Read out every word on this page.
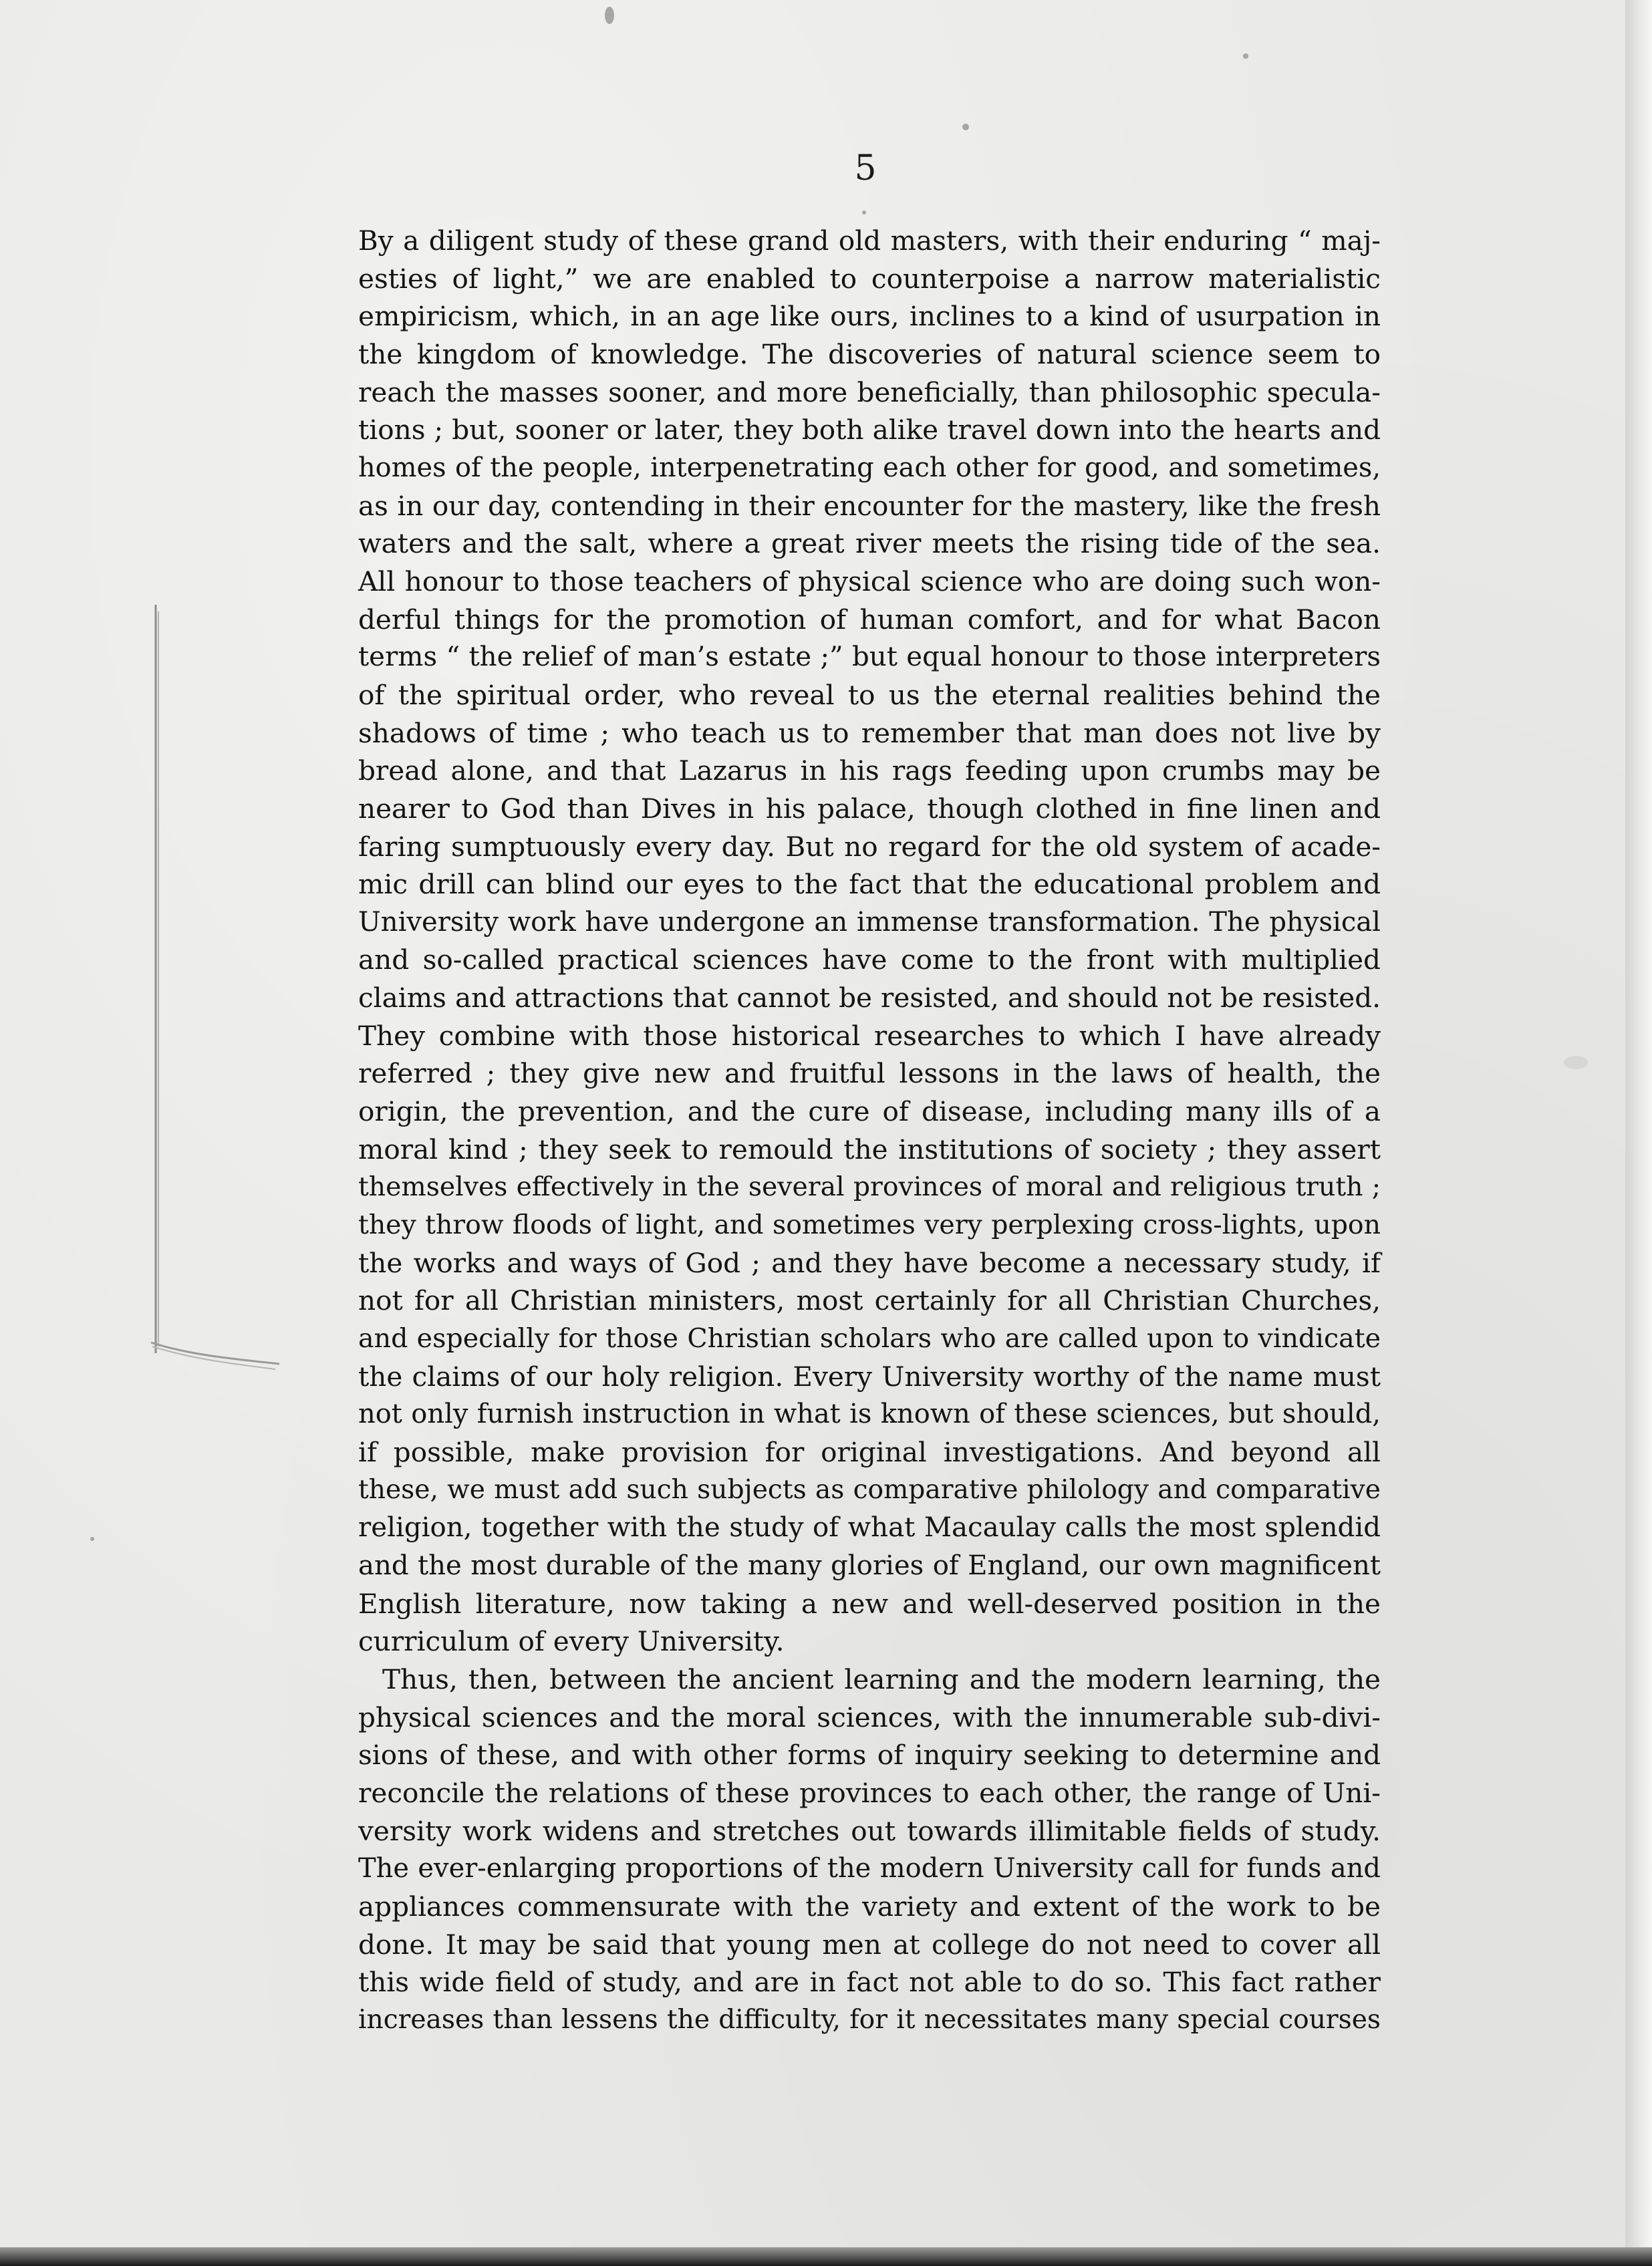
5
By a diligent study of these grand old masters, with their enduring “ maj-
esties of light,” we are enabled to counterpoise a narrow materialistic
empiricism, which, in an age like ours, inclines to a kind of usurpation in
the kingdom of knowledge. The discoveries of natural science seem to
reach the masses sooner, and more beneficially, than philosophic specula-
tions ; but, sooner or later, they both alike travel down into the hearts and
homes of the people, interpenetrating each other for good, and sometimes,
as in our day, contending in their encounter for the mastery, like the fresh
waters and the salt, where a great river meets the rising tide of the sea.
All honour to those teachers of physical science who are doing such won-
derful things for the promotion of human comfort, and for what Bacon
terms “ the relief of man’s estate ;” but equal honour to those interpreters
of the spiritual order, who reveal to us the eternal realities behind the
shadows of time ; who teach us to remember that man does not live by
bread alone, and that Lazarus in his rags feeding upon crumbs may be
nearer to God than Dives in his palace, though clothed in fine linen and
faring sumptuously every day. But no regard for the old system of acade-
mic drill can blind our eyes to the fact that the educational problem and
University work have undergone an immense transformation. The physical
and so-called practical sciences have come to the front with multiplied
claims and attractions that cannot be resisted, and should not be resisted.
They combine with those historical researches to which I have already
referred ; they give new and fruitful lessons in the laws of health, the
origin, the prevention, and the cure of disease, including many ills of a
moral kind ; they seek to remould the institutions of society ; they assert
themselves effectively in the several provinces of moral and religious truth ;
they throw floods of light, and sometimes very perplexing cross-lights, upon
the works and ways of God ; and they have become a necessary study, if
not for all Christian ministers, most certainly for all Christian Churches,
and especially for those Christian scholars who are called upon to vindicate
the claims of our holy religion. Every University worthy of the name must
not only furnish instruction in what is known of these sciences, but should,
if possible, make provision for original investigations. And beyond all
these, we must add such subjects as comparative philology and comparative
religion, together with the study of what Macaulay calls the most splendid
and the most durable of the many glories of England, our own magnificent
English literature, now taking a new and well-deserved position in the
curriculum of every University.
Thus, then, between the ancient learning and the modern learning, the
physical sciences and the moral sciences, with the innumerable sub-divi-
sions of these, and with other forms of inquiry seeking to determine and
reconcile the relations of these provinces to each other, the range of Uni-
versity work widens and stretches out towards illimitable fields of study.
The ever-enlarging proportions of the modern University call for funds and
appliances commensurate with the variety and extent of the work to be
done. It may be said that young men at college do not need to cover all
this wide field of study, and are in fact not able to do so. This fact rather
increases than lessens the difficulty, for it necessitates many special courses
